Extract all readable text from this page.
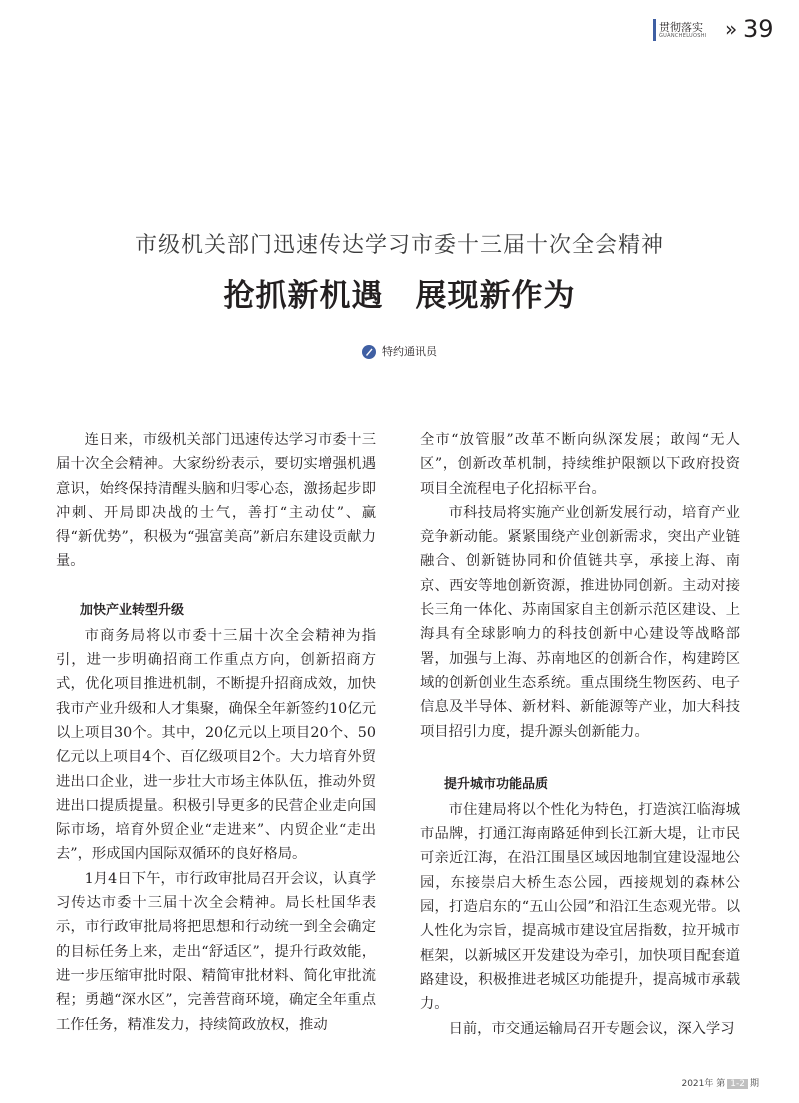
贯彻落实
GUANCHELUOSHI » 39
市级机关部门迅速传达学习市委十三届十次全会精神
抢抓新机遇　展现新作为
特约通讯员

连日来，市级机关部门迅速传达学习市委十三届十次全会精神。大家纷纷表示，要切实增强机遇意识，始终保持清醒头脑和归零心态，激扬起步即冲刺、开局即决战的士气，善打“主动仗”、赢得“新优势”，积极为“强富美高”新启东建设贡献力量。

加快产业转型升级

市商务局将以市委十三届十次全会精神为指引，进一步明确招商工作重点方向，创新招商方式，优化项目推进机制，不断提升招商成效，加快我市产业升级和人才集聚，确保全年新签约10亿元以上项目30个。其中，20亿元以上项目20个、50亿元以上项目4个、百亿级项目2个。大力培育外贸进出口企业，进一步壮大市场主体队伍，推动外贸进出口提质提量。积极引导更多的民营企业走向国际市场，培育外贸企业“走进来”、内贸企业“走出去”，形成国内国际双循环的良好格局。

1月4日下午，市行政审批局召开会议，认真学习传达市委十三届十次全会精神。局长杜国华表示，市行政审批局将把思想和行动统一到全会确定的目标任务上来，走出“舒适区”，提升行政效能，进一步压缩审批时限、精简审批材料、简化审批流程；勇趟“深水区”，完善营商环境，确定全年重点工作任务，精准发力，持续简政放权，推动

全市“放管服”改革不断向纵深发展；敢闯“无人区”，创新改革机制，持续维护限额以下政府投资项目全流程电子化招标平台。

市科技局将实施产业创新发展行动，培育产业竞争新动能。紧紧围绕产业创新需求，突出产业链融合、创新链协同和价值链共享，承接上海、南京、西安等地创新资源，推进协同创新。主动对接长三角一体化、苏南国家自主创新示范区建设、上海具有全球影响力的科技创新中心建设等战略部署，加强与上海、苏南地区的创新合作，构建跨区域的创新创业生态系统。重点围绕生物医药、电子信息及半导体、新材料、新能源等产业，加大科技项目招引力度，提升源头创新能力。

提升城市功能品质

市住建局将以个性化为特色，打造滨江临海城市品牌，打通江海南路延伸到长江新大堤，让市民可亲近江海，在沿江围垦区域因地制宜建设湿地公园，东接崇启大桥生态公园，西接规划的森林公园，打造启东的“五山公园”和沿江生态观光带。以人性化为宗旨，提高城市建设宜居指数，拉开城市框架，以新城区开发建设为牵引，加快项目配套道路建设，积极推进老城区功能提升，提高城市承载力。

日前，市交通运输局召开专题会议，深入学习

2021年 第 1-2 期
